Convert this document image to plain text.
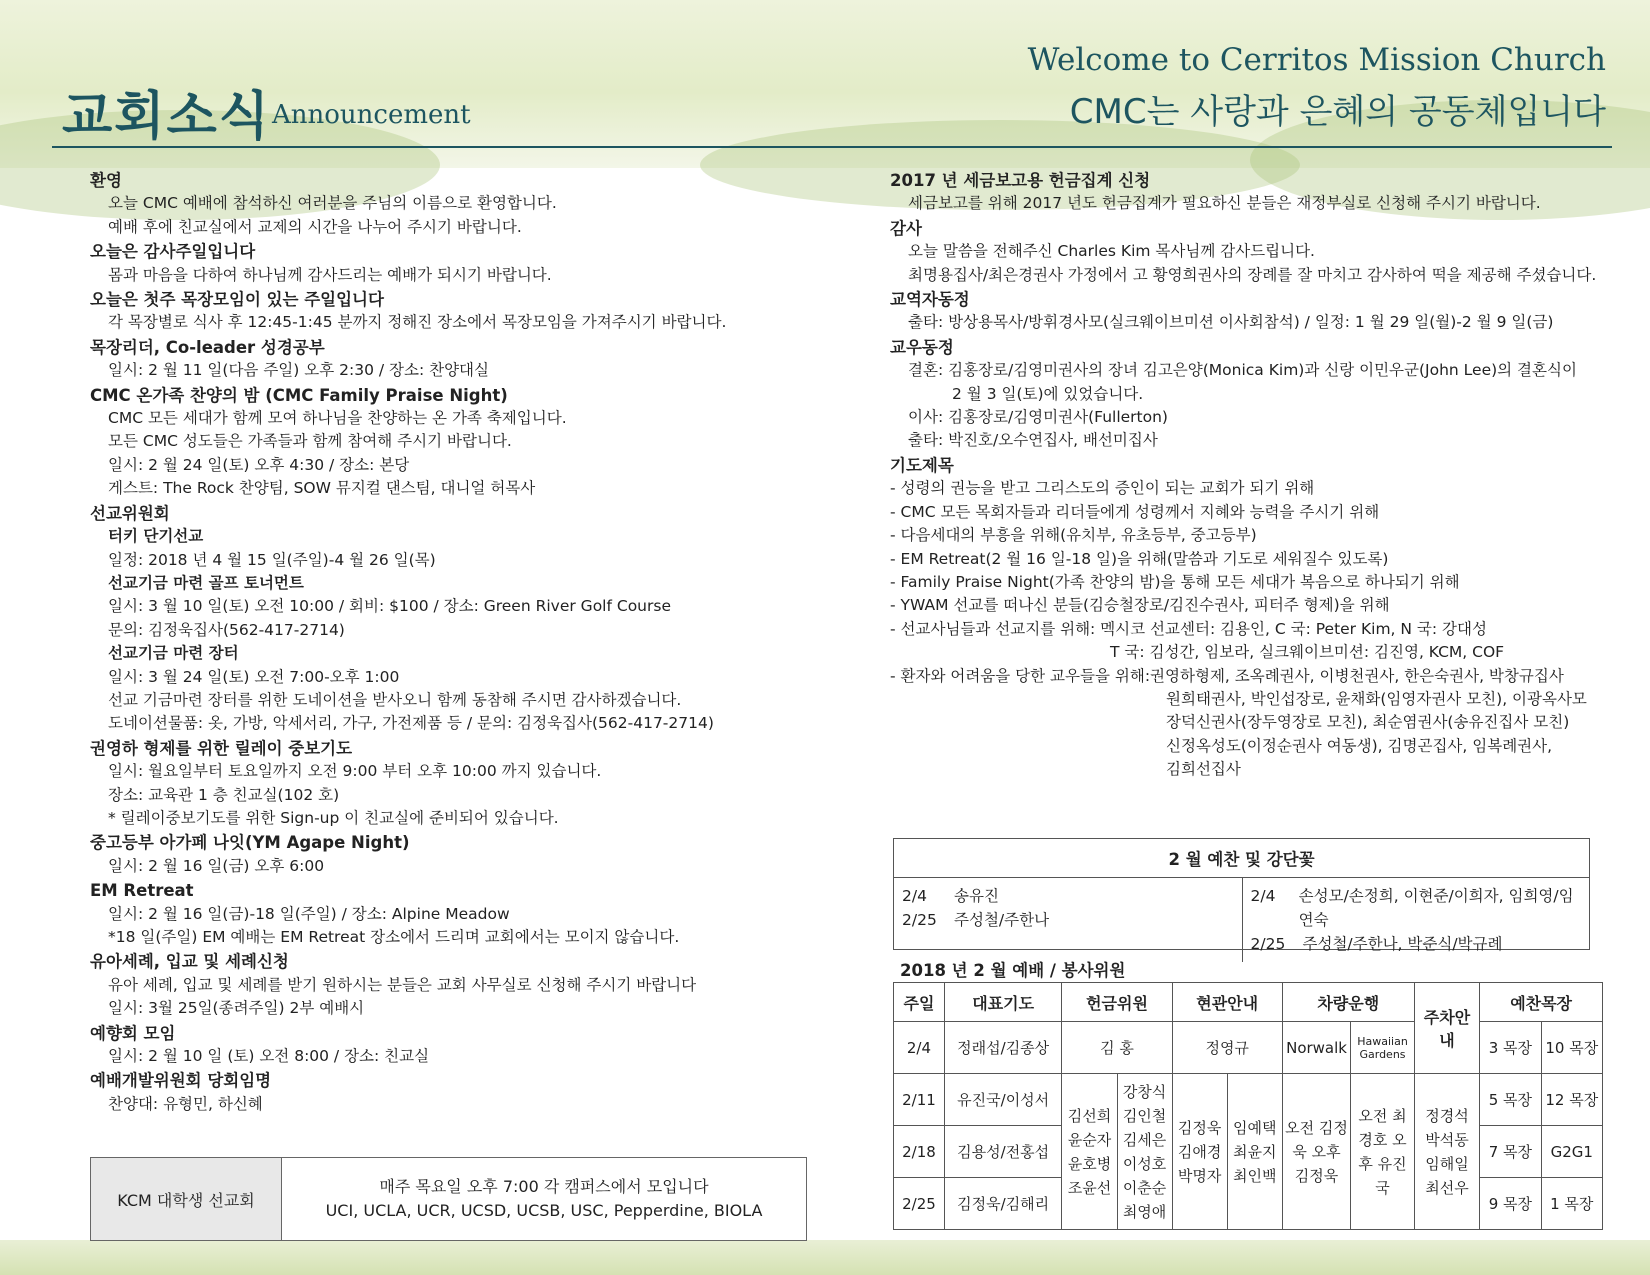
교회소식 Announcement
Welcome to Cerritos Mission Church
CMC는 사랑과 은혜의 공동체입니다
환영
오늘 CMC 예배에 참석하신 여러분을 주님의 이름으로 환영합니다.
예배 후에 친교실에서 교제의 시간을 나누어 주시기 바랍니다.
오늘은 감사주일입니다
몸과 마음을 다하여 하나님께 감사드리는 예배가 되시기 바랍니다.
오늘은 첫주 목장모임이 있는 주일입니다
각 목장별로 식사 후 12:45-1:45 분까지 정해진 장소에서 목장모임을 가져주시기 바랍니다.
목장리더, Co-leader 성경공부
일시: 2 월 11 일(다음 주일) 오후 2:30 / 장소: 찬양대실
CMC 온가족 찬양의 밤 (CMC Family Praise Night)
CMC 모든 세대가 함께 모여 하나님을 찬양하는 온 가족 축제입니다.
모든 CMC 성도들은 가족들과 함께 참여해 주시기 바랍니다.
일시: 2 월 24 일(토) 오후 4:30 / 장소: 본당
게스트: The Rock 찬양팀, SOW 뮤지컬 댄스팀, 대니얼 허목사
선교위원회
터키 단기선교
일정: 2018 년 4 월 15 일(주일)-4 월 26 일(목)
선교기금 마련 골프 토너먼트
일시: 3 월 10 일(토) 오전 10:00 / 회비: $100 / 장소: Green River Golf Course
문의: 김정욱집사(562-417-2714)
선교기금 마련 장터
일시: 3 월 24 일(토) 오전 7:00-오후 1:00
선교 기금마련 장터를 위한 도네이션을 받사오니 함께 동참해 주시면 감사하겠습니다.
도네이션물품: 옷, 가방, 악세서리, 가구, 가전제품 등 / 문의: 김정욱집사(562-417-2714)
권영하 형제를 위한 릴레이 중보기도
일시: 월요일부터 토요일까지 오전 9:00 부터 오후 10:00 까지 있습니다.
장소: 교육관 1 층 친교실(102 호)
* 릴레이중보기도를 위한 Sign-up 이 친교실에 준비되어 있습니다.
중고등부 아가페 나잇(YM Agape Night)
일시: 2 월 16 일(금) 오후 6:00
EM Retreat
일시: 2 월 16 일(금)-18 일(주일) / 장소: Alpine Meadow
*18 일(주일) EM 예배는 EM Retreat 장소에서 드리며 교회에서는 모이지 않습니다.
유아세례, 입교 및 세례신청
유아 세례, 입교 및 세례를 받기 원하시는 분들은 교회 사무실로 신청해 주시기 바랍니다
일시: 3월 25일(종려주일) 2부 예배시
예향회 모임
일시: 2 월 10 일 (토) 오전 8:00 / 장소: 친교실
예배개발위원회 당회임명
찬양대: 유형민, 하신혜
KCM 대학생 선교회
매주 목요일 오후 7:00 각 캠퍼스에서 모입니다
UCI, UCLA, UCR, UCSD, UCSB, USC, Pepperdine, BIOLA
2017 년 세금보고용 헌금집계 신청
세금보고를 위해 2017 년도 헌금집계가 필요하신 분들은 재정부실로 신청해 주시기 바랍니다.
감사
오늘 말씀을 전해주신 Charles Kim 목사님께 감사드립니다.
최명용집사/최은경권사 가정에서 고 황영희권사의 장례를 잘 마치고 감사하여 떡을 제공해 주셨습니다.
교역자동정
출타: 방상용목사/방휘경사모(실크웨이브미션 이사회참석) / 일정: 1 월 29 일(월)-2 월 9 일(금)
교우동정
결혼: 김홍장로/김영미권사의 장녀 김고은양(Monica Kim)과 신랑 이민우군(John Lee)의 결혼식이
2 월 3 일(토)에 있었습니다.
이사: 김홍장로/김영미권사(Fullerton)
출타: 박진호/오수연집사, 배선미집사
기도제목
- 성령의 권능을 받고 그리스도의 증인이 되는 교회가 되기 위해
- CMC 모든 목회자들과 리더들에게 성령께서 지혜와 능력을 주시기 위해
- 다음세대의 부흥을 위해(유치부, 유초등부, 중고등부)
- EM Retreat(2 월 16 일-18 일)을 위해(말씀과 기도로 세워질수 있도록)
- Family Praise Night(가족 찬양의 밤)을 통해 모든 세대가 복음으로 하나되기 위해
- YWAM 선교를 떠나신 분들(김승철장로/김진수권사, 피터주 형제)을 위해
- 선교사님들과 선교지를 위해: 멕시코 선교센터: 김용인, C 국: Peter Kim, N 국: 강대성
T 국: 김성간, 임보라, 실크웨이브미션: 김진영, KCM, COF
- 환자와 어려움을 당한 교우들을 위해: 권영하형제, 조옥례권사, 이병천권사, 한은숙권사, 박창규집사
원희태권사, 박인섭장로, 윤채화(임영자권사 모친), 이광옥사모
장덕신권사(장두영장로 모친), 최순염권사(송유진집사 모친)
신정옥성도(이정순권사 여동생), 김명곤집사, 임복례권사,
김희선집사
2 월 예찬 및 강단꽃
2/4	송유진
2/25	주성철/주한나
2/4	손성모/손정희, 이현준/이희자, 임희영/임연숙
2/25	주성철/주한나, 박준식/박규례
2018 년 2 월 예배 / 봉사위원
주일	대표기도	헌금위원		현관안내		차량운행		주차안내	예찬목장	
2/4	정래섭/김종상	김 홍		정영규		Norwalk	Hawaiian Gardens		3 목장	10 목장
2/11	유진국/이성서	김선희 윤순자 윤호병 조윤선	강창식 김인철 김세은 이성호 이춘순 최영애	김정욱 김애경 박명자	임예택 최윤지 최인백	오전 김정욱 오후 김정욱	오전 최경호 오후 유진국	정경석 박석동 임해일 최선우	5 목장	12 목장
2/18	김용성/전홍섭								7 목장	G2G1
2/25	김정욱/김해리								9 목장	1 목장
